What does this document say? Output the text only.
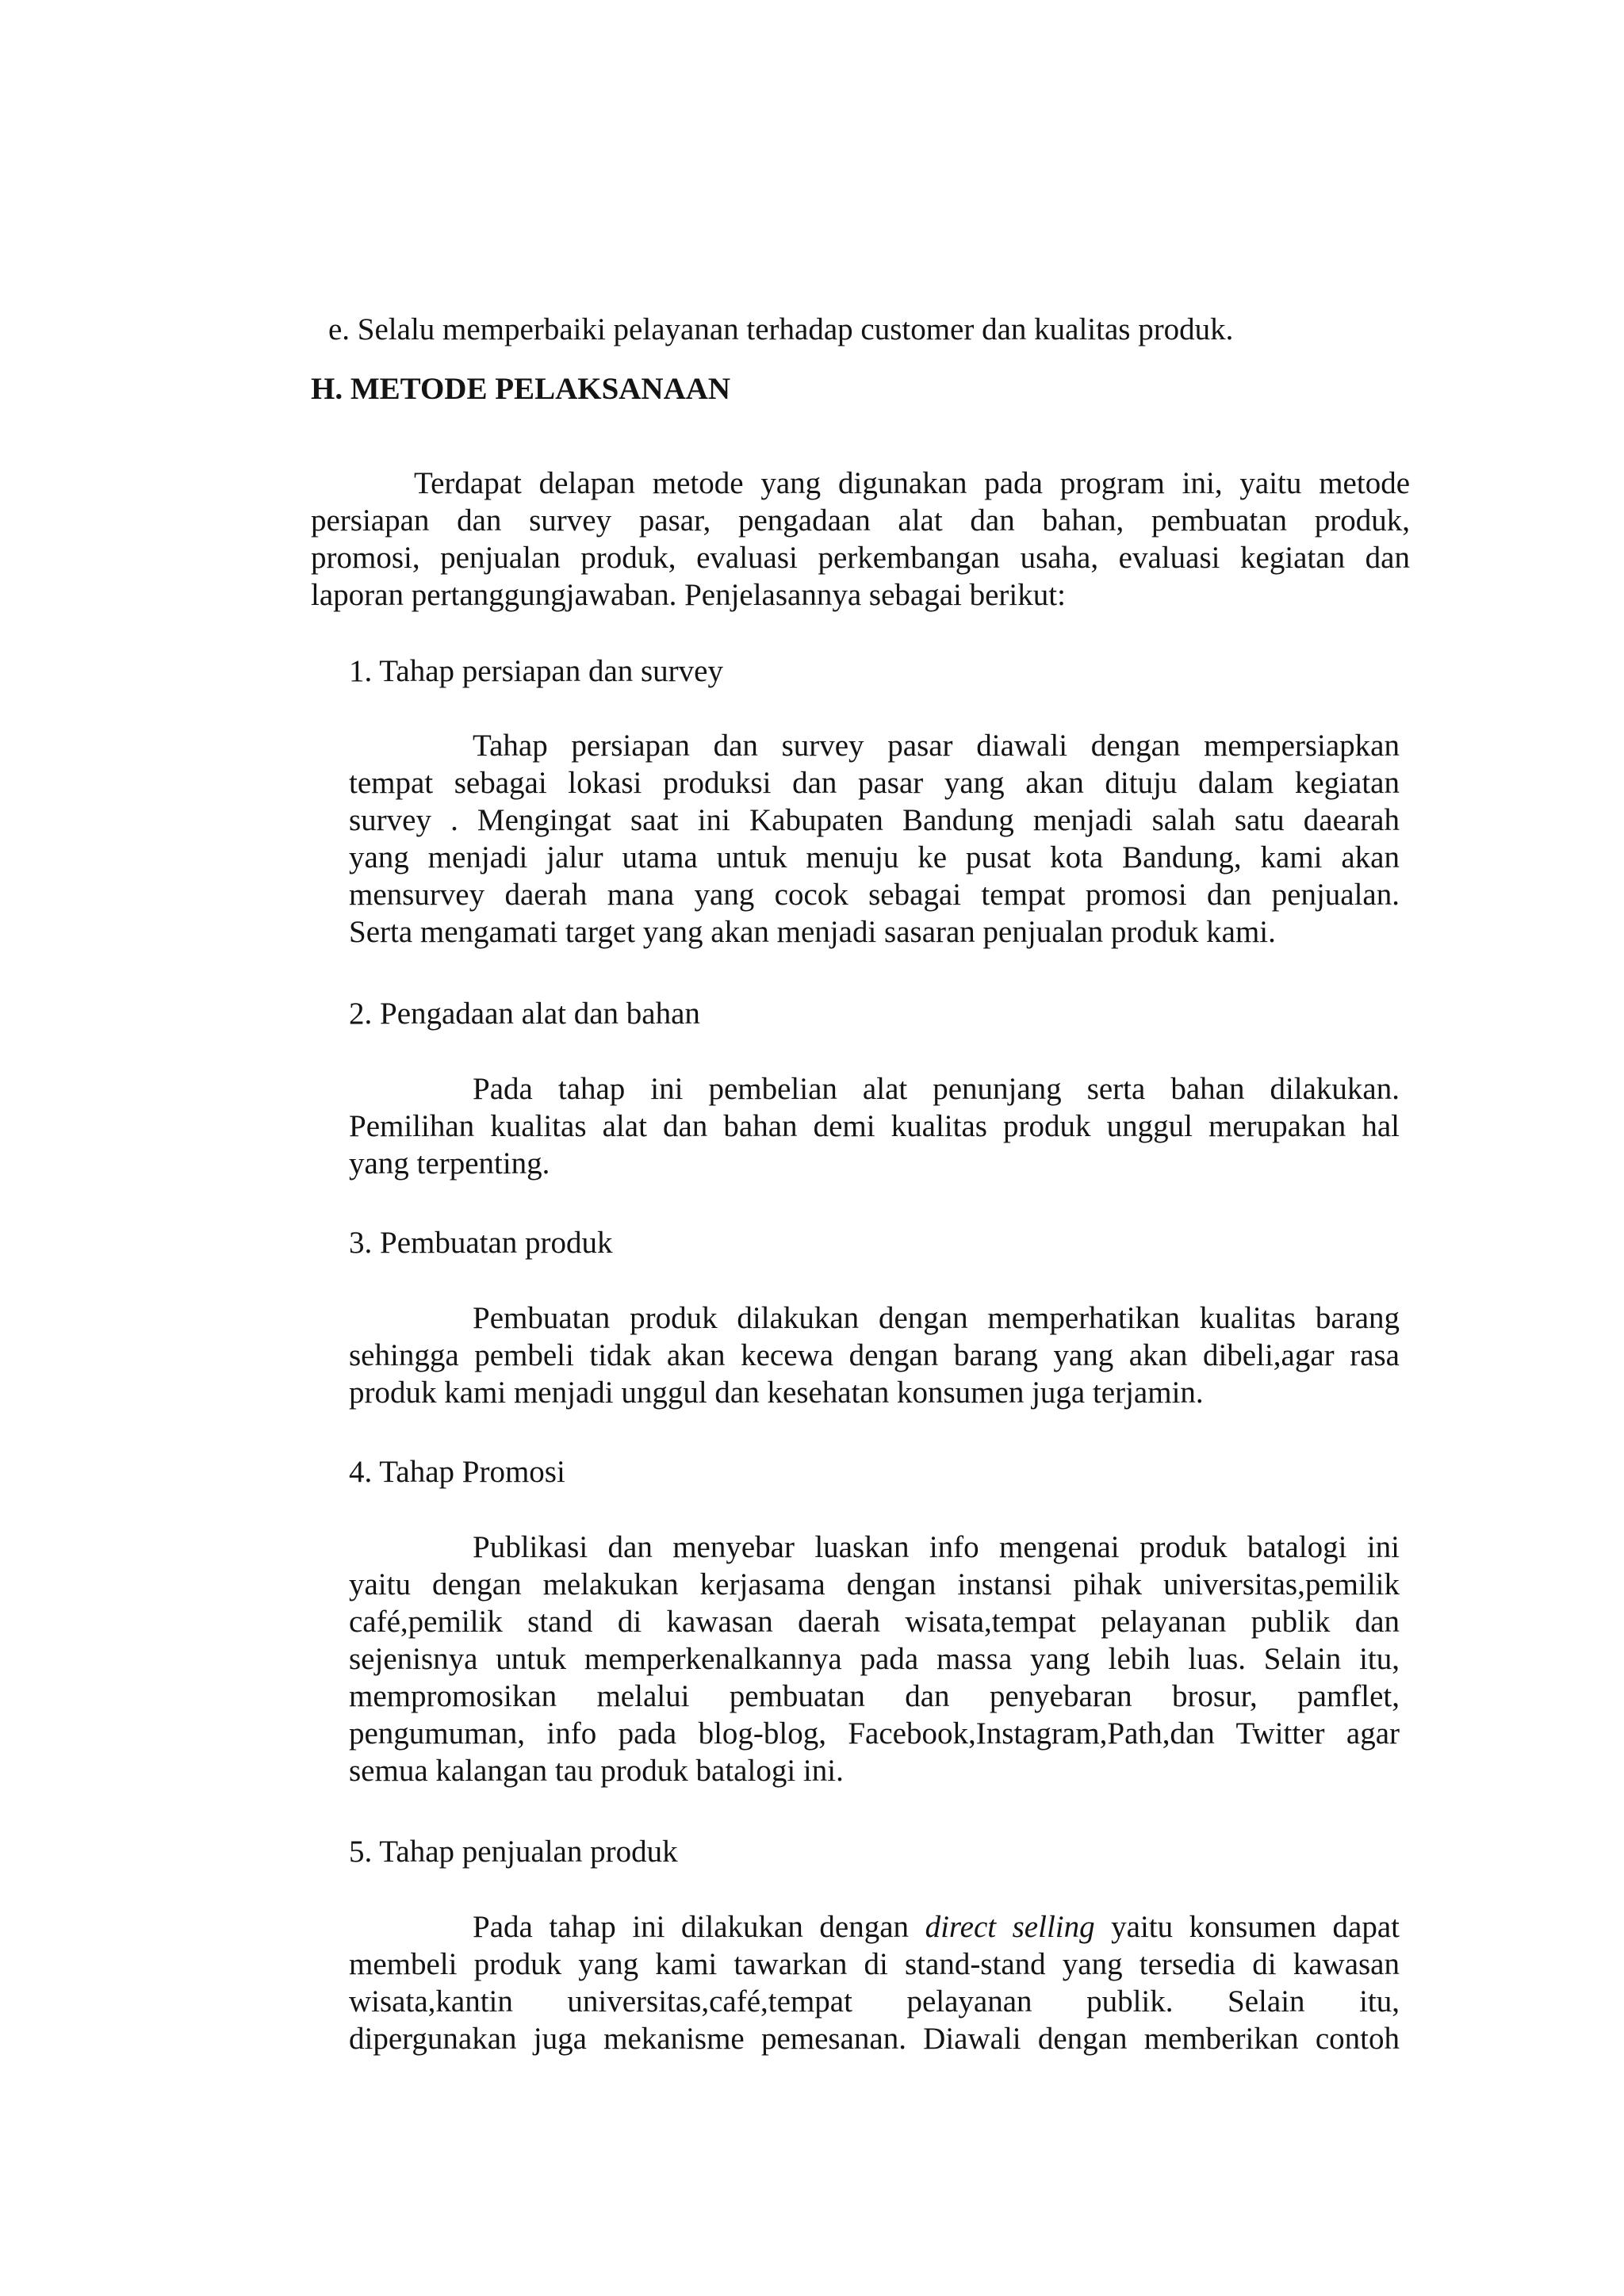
e. Selalu memperbaiki pelayanan terhadap customer dan kualitas produk.
H. METODE PELAKSANAAN
Terdapat delapan metode yang digunakan pada program ini, yaitu metode
persiapan dan survey pasar, pengadaan alat dan bahan, pembuatan produk,
promosi, penjualan produk, evaluasi perkembangan usaha, evaluasi kegiatan dan
laporan pertanggungjawaban. Penjelasannya sebagai berikut:
1. Tahap persiapan dan survey
Tahap persiapan dan survey pasar diawali dengan mempersiapkan
tempat sebagai lokasi produksi dan pasar yang akan dituju dalam kegiatan
survey . Mengingat saat ini Kabupaten Bandung menjadi salah satu daearah
yang menjadi jalur utama untuk menuju ke pusat kota Bandung, kami akan
mensurvey daerah mana yang cocok sebagai tempat promosi dan penjualan.
Serta mengamati target yang akan menjadi sasaran penjualan produk kami.
2. Pengadaan alat dan bahan
Pada tahap ini pembelian alat penunjang serta bahan dilakukan.
Pemilihan kualitas alat dan bahan demi kualitas produk unggul merupakan hal
yang terpenting.
3. Pembuatan produk
Pembuatan produk dilakukan dengan memperhatikan kualitas barang
sehingga pembeli tidak akan kecewa dengan barang yang akan dibeli,agar rasa
produk kami menjadi unggul dan kesehatan konsumen juga terjamin.
4. Tahap Promosi
Publikasi dan menyebar luaskan info mengenai produk batalogi ini
yaitu dengan melakukan kerjasama dengan instansi pihak universitas,pemilik
café,pemilik stand di kawasan daerah wisata,tempat pelayanan publik dan
sejenisnya untuk memperkenalkannya pada massa yang lebih luas. Selain itu,
mempromosikan melalui pembuatan dan penyebaran brosur, pamflet,
pengumuman, info pada blog-blog, Facebook,Instagram,Path,dan Twitter agar
semua kalangan tau produk batalogi ini.
5. Tahap penjualan produk
Pada tahap ini dilakukan dengan direct selling yaitu konsumen dapat
membeli produk yang kami tawarkan di stand-stand yang tersedia di kawasan
wisata,kantin universitas,café,tempat pelayanan publik. Selain itu,
dipergunakan juga mekanisme pemesanan. Diawali dengan memberikan contoh
